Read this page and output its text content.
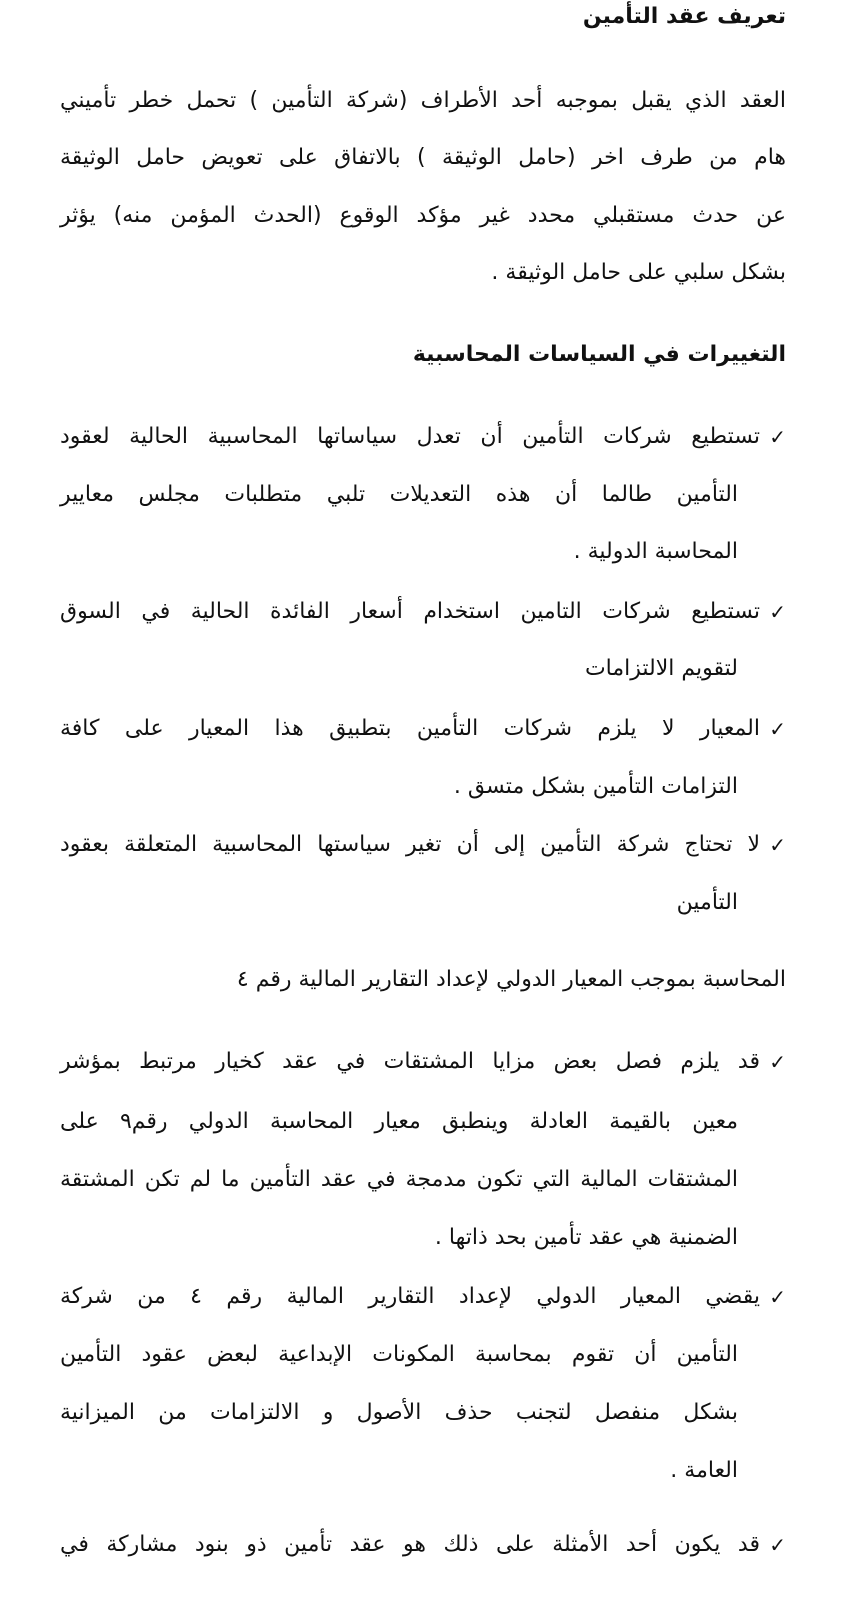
تعريف عقد التأمين
العقد الذي يقبل بموجبه أحد الأطراف (شركة التأمين ) تحمل خطر تأميني
هام من طرف اخر (حامل الوثيقة ) بالاتفاق على تعويض حامل الوثيقة
عن حدث مستقبلي محدد غير مؤكد الوقوع (الحدث المؤمن منه) يؤثر
بشكل سلبي على حامل الوثيقة .
التغييرات في السياسات المحاسبية
✓
تستطيع شركات التأمين أن تعدل سياساتها المحاسبية الحالية لعقود
التأمين طالما أن هذه التعديلات تلبي متطلبات مجلس معايير
المحاسبة الدولية .
✓
تستطيع شركات التامين استخدام أسعار الفائدة الحالية في السوق
لتقويم الالتزامات
✓
المعيار لا يلزم شركات التأمين بتطبيق هذا المعيار على كافة
التزامات التأمين بشكل متسق .
✓
لا تحتاج شركة التأمين إلى أن تغير سياستها المحاسبية المتعلقة بعقود
التأمين
المحاسبة بموجب المعيار الدولي لإعداد التقارير المالية رقم ٤
✓
قد يلزم فصل بعض مزايا المشتقات في عقد كخيار مرتبط بمؤشر
معين بالقيمة العادلة وينطبق معيار المحاسبة الدولي رقم٩ على
المشتقات المالية التي تكون مدمجة في عقد التأمين ما لم تكن المشتقة
الضمنية هي عقد تأمين بحد ذاتها .
✓
يقضي المعيار الدولي لإعداد التقارير المالية رقم ٤ من شركة
التأمين أن تقوم بمحاسبة المكونات الإبداعية لبعض عقود التأمين
بشكل منفصل لتجنب حذف الأصول و الالتزامات من الميزانية
العامة .
✓
قد يكون أحد الأمثلة على ذلك هو عقد تأمين ذو بنود مشاركة في
